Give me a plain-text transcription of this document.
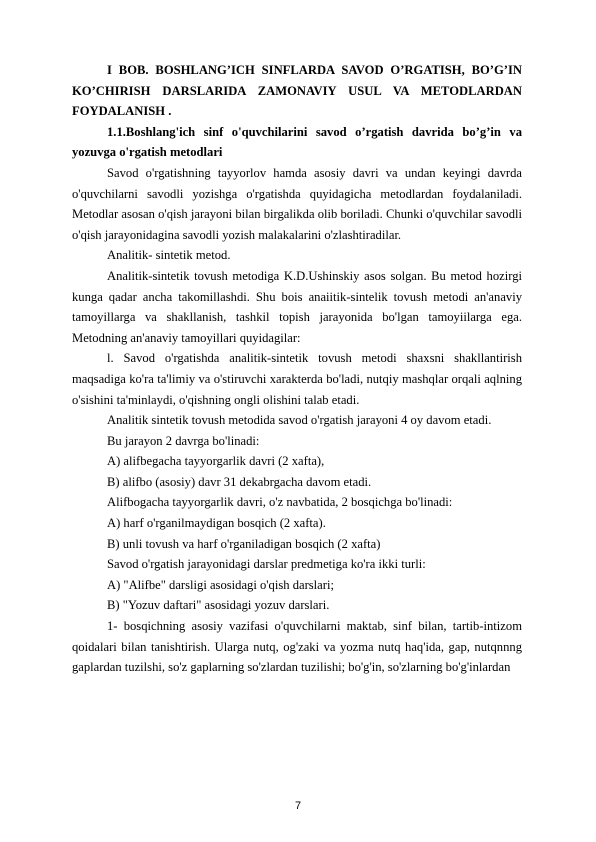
I BOB. BOSHLANG’ICH SINFLARDA SAVOD O’RGATISH, BO’G’IN KO’CHIRISH DARSLARIDA ZAMONAVIY USUL VA METODLARDAN FOYDALANISH .

1.1.Boshlang'ich sinf o'quvchilarini savod o’rgatish davrida bo’g’in va yozuvga o'rgatish metodlari

Savod o'rgatishning tayyorlov hamda asosiy davri va undan keyingi davrda o'quvchilarni savodli yozishga o'rgatishda quyidagicha metodlardan foydalaniladi. Metodlar asosan o'qish jarayoni bilan birgalikda olib boriladi. Chunki o'quvchilar savodli o'qish jarayonidagina savodli yozish malakalarini o'zlashtiradilar.

Analitik- sintetik metod.

Analitik-sintetik tovush metodiga K.D.Ushinskiy asos solgan. Bu metod hozirgi kunga qadar ancha takomillashdi. Shu bois anaiitik-sintelik tovush metodi an'anaviy tamoyillarga va shakllanish, tashkil topish jarayonida bo'lgan tamoyiilarga ega. Metodning an'anaviy tamoyillari quyidagilar:

l. Savod o'rgatishda analitik-sintetik tovush metodi shaxsni shakllantirish maqsadiga ko'ra ta'limiy va o'stiruvchi xarakterda bo'ladi, nutqiy mashqlar orqali aqlning o'sishini ta'minlaydi, o'qishning ongli olishini talab etadi.

Analitik sintetik tovush metodida savod o'rgatish jarayoni 4 oy davom etadi.

Bu jarayon 2 davrga bo'linadi:

A) alifbegacha tayyorgarlik davri (2 xafta),

B) alifbo (asosiy) davr 31 dekabrgacha davom etadi.

Alifbogacha tayyorgarlik davri, o'z navbatida, 2 bosqichga bo'linadi:

A) harf o'rganilmaydigan bosqich (2 xafta).

B) unli tovush va harf o'rganiladigan bosqich (2 xafta)

Savod o'rgatish jarayonidagi darslar predmetiga ko'ra ikki turli:

A) "Alifbe" darsligi asosidagi o'qish darslari;

B) "Yozuv daftari" asosidagi yozuv darslari.

1- bosqichning asosiy vazifasi o'quvchilarni maktab, sinf bilan, tartib-intizom qoidalari bilan tanishtirish. Ularga nutq, og'zaki va yozma nutq haq'ida, gap, nutqnnng gaplardan tuzilshi, so'z gaplarning so'zlardan tuzilishi; bo'g'in, so'zlarning bo'g'inlardan

7
